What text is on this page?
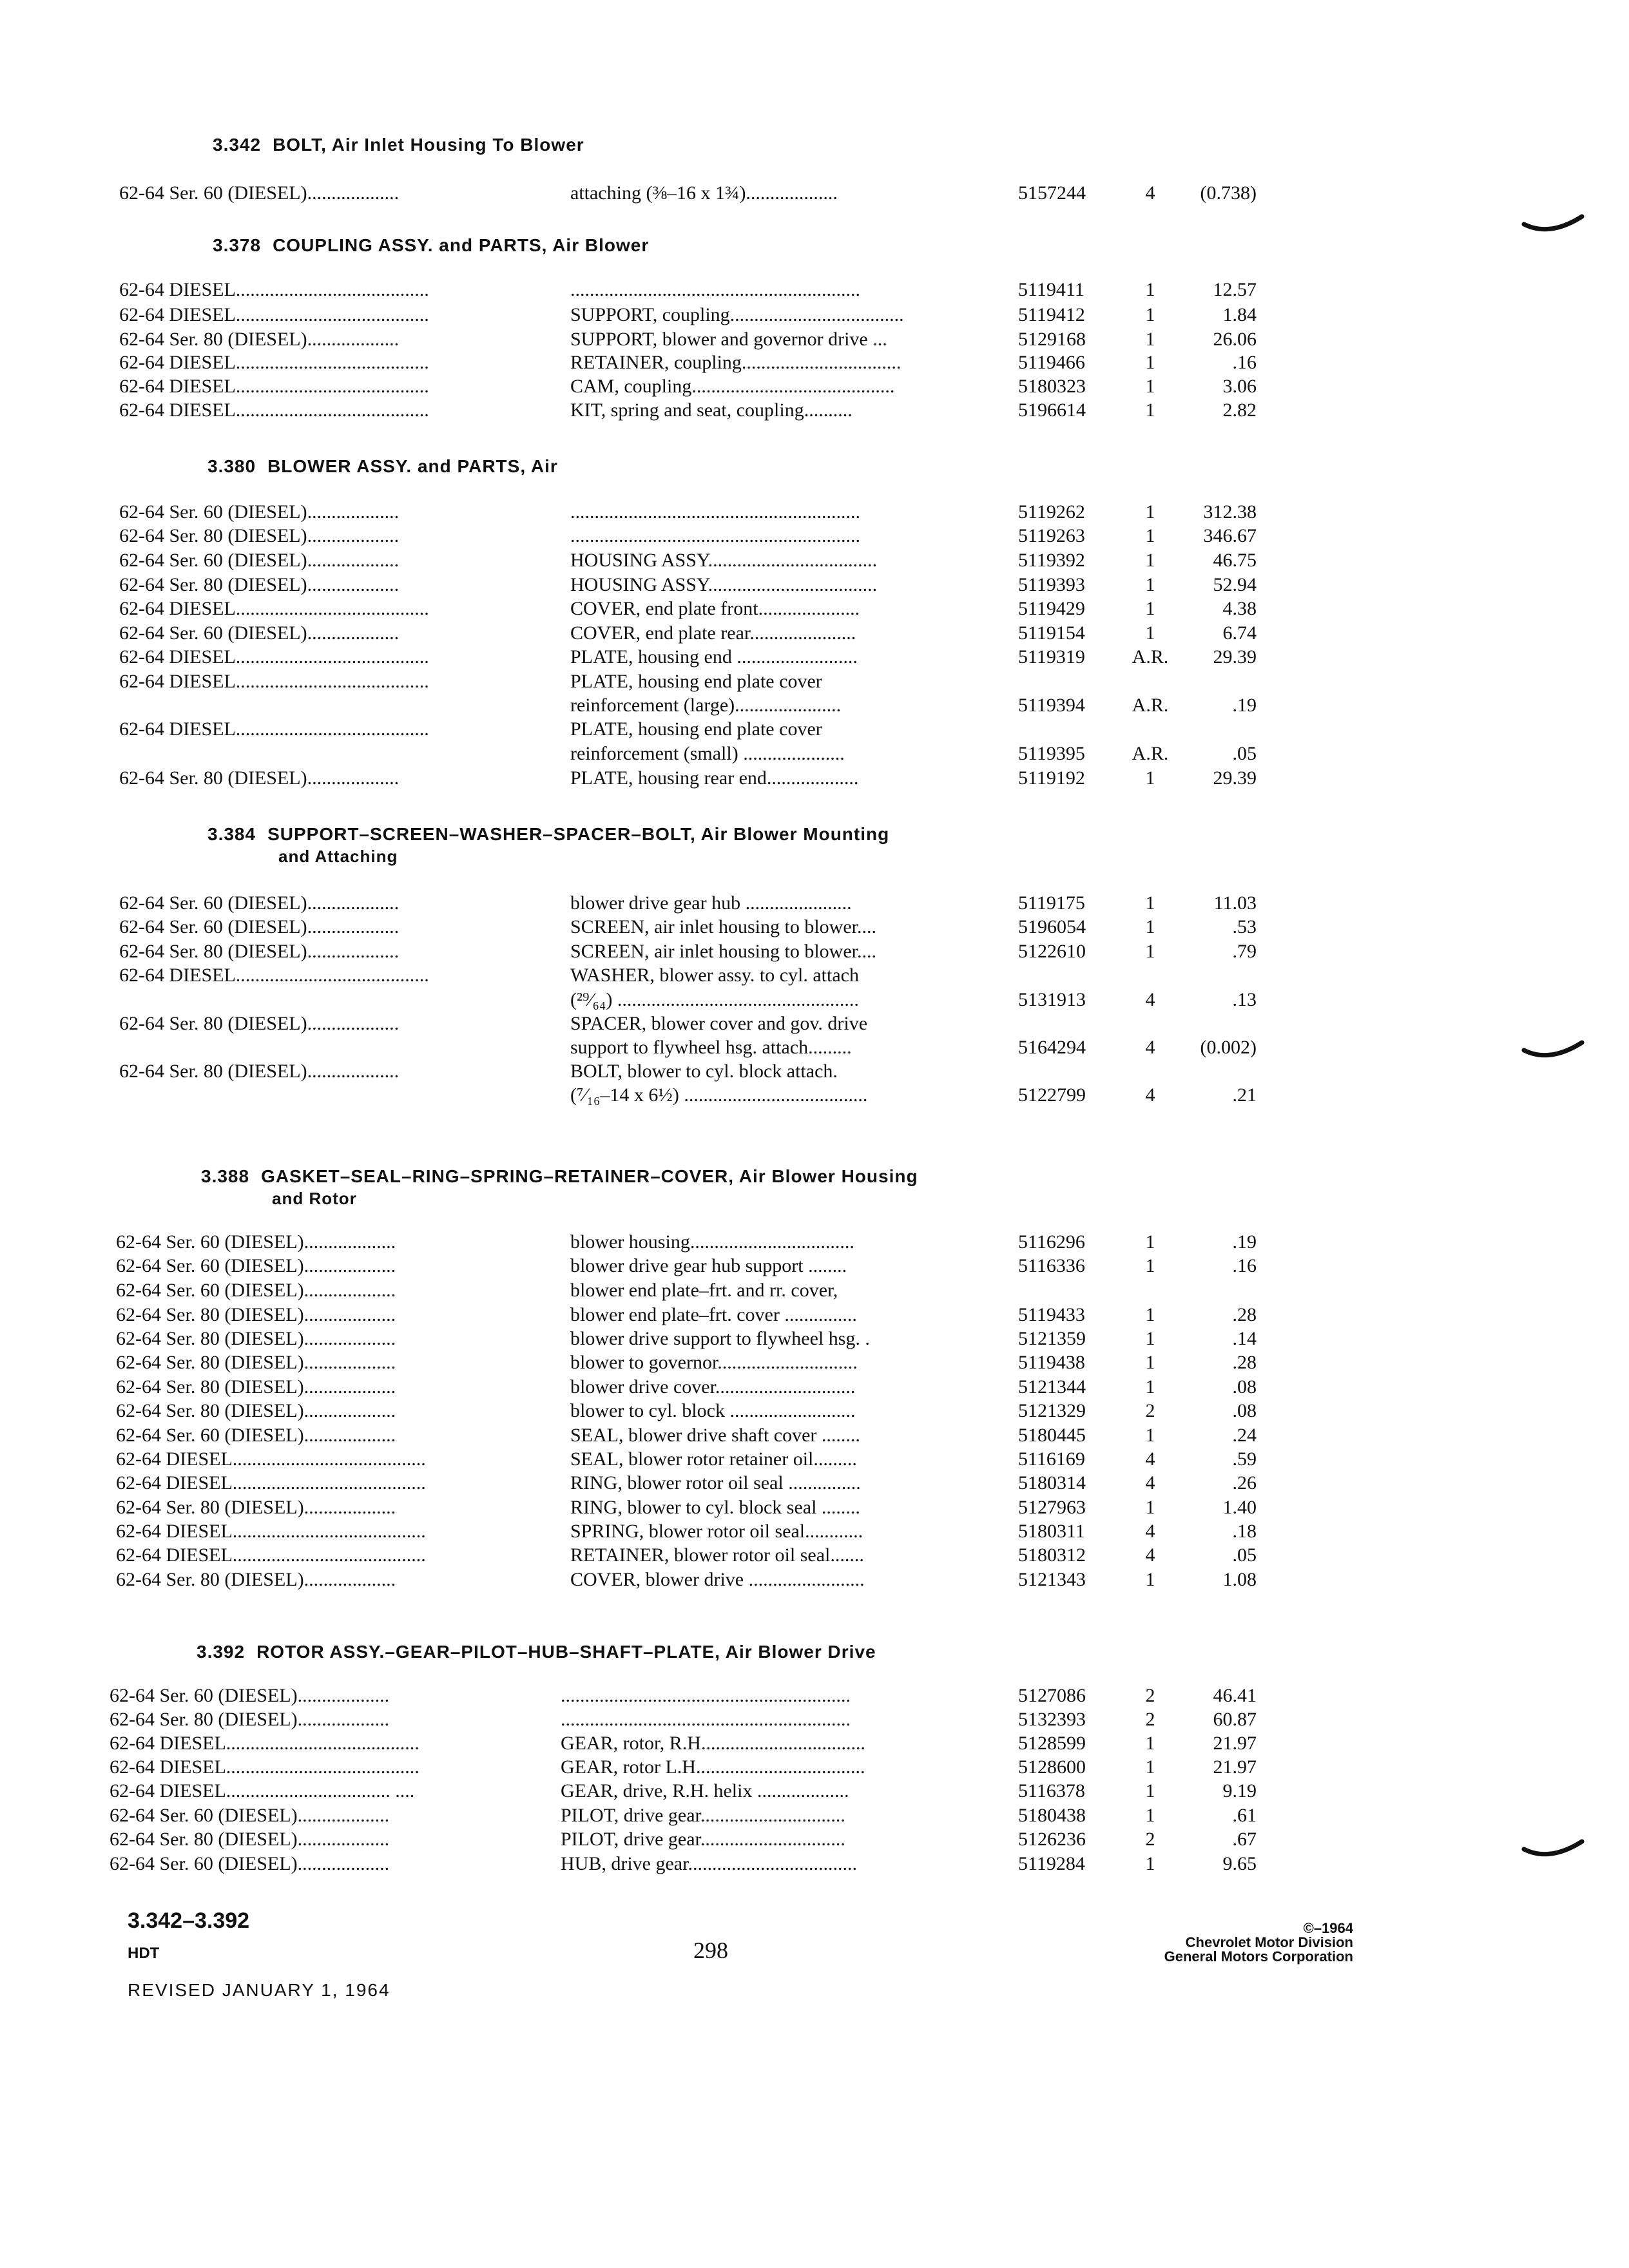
3.342 BOLT, Air Inlet Housing To Blower
62-64 Ser. 60 (DIESEL)...................	attaching (⅜–16 x 1¾)...................	5157244	4	(0.738)
3.378 COUPLING ASSY. and PARTS, Air Blower
62-64 DIESEL........................................	............................................................	5119411	1	12.57
62-64 DIESEL........................................	SUPPORT, coupling....................................	5119412	1	1.84
62-64 Ser. 80 (DIESEL)...................	SUPPORT, blower and governor drive ...	5129168	1	26.06
62-64 DIESEL........................................	RETAINER, coupling.................................	5119466	1	.16
62-64 DIESEL........................................	CAM, coupling..........................................	5180323	1	3.06
62-64 DIESEL........................................	KIT, spring and seat, coupling..........	5196614	1	2.82
3.380 BLOWER ASSY. and PARTS, Air
62-64 Ser. 60 (DIESEL)...................	............................................................	5119262	1	312.38
62-64 Ser. 80 (DIESEL)...................	............................................................	5119263	1	346.67
62-64 Ser. 60 (DIESEL)...................	HOUSING ASSY...................................	5119392	1	46.75
62-64 Ser. 80 (DIESEL)...................	HOUSING ASSY...................................	5119393	1	52.94
62-64 DIESEL........................................	COVER, end plate front.....................	5119429	1	4.38
62-64 Ser. 60 (DIESEL)...................	COVER, end plate rear......................	5119154	1	6.74
62-64 DIESEL........................................	PLATE, housing end .........................	5119319	A.R.	29.39
62-64 DIESEL........................................	PLATE, housing end plate cover
reinforcement (large)......................	5119394	A.R.	.19
62-64 DIESEL........................................	PLATE, housing end plate cover
reinforcement (small) .....................	5119395	A.R.	.05
62-64 Ser. 80 (DIESEL)...................	PLATE, housing rear end...................	5119192	1	29.39
3.384 SUPPORT–SCREEN–WASHER–SPACER–BOLT, Air Blower Mounting
and Attaching
62-64 Ser. 60 (DIESEL)...................	blower drive gear hub ......................	5119175	1	11.03
62-64 Ser. 60 (DIESEL)...................	SCREEN, air inlet housing to blower....	5196054	1	.53
62-64 Ser. 80 (DIESEL)...................	SCREEN, air inlet housing to blower....	5122610	1	.79
62-64 DIESEL........................................	WASHER, blower assy. to cyl. attach
(²⁹⁄₆₄) ..................................................	5131913	4	.13
62-64 Ser. 80 (DIESEL)...................	SPACER, blower cover and gov. drive
support to flywheel hsg. attach.........	5164294	4	(0.002)
62-64 Ser. 80 (DIESEL)...................	BOLT, blower to cyl. block attach.
(⁷⁄₁₆–14 x 6½) ......................................	5122799	4	.21
3.388 GASKET–SEAL–RING–SPRING–RETAINER–COVER, Air Blower Housing
and Rotor
62-64 Ser. 60 (DIESEL)...................	blower housing..................................	5116296	1	.19
62-64 Ser. 60 (DIESEL)...................	blower drive gear hub support ........	5116336	1	.16
62-64 Ser. 60 (DIESEL)...................	blower end plate–frt. and rr. cover,
62-64 Ser. 80 (DIESEL)...................	blower end plate–frt. cover ...............	5119433	1	.28
62-64 Ser. 80 (DIESEL)...................	blower drive support to flywheel hsg. .	5121359	1	.14
62-64 Ser. 80 (DIESEL)...................	blower to governor.............................	5119438	1	.28
62-64 Ser. 80 (DIESEL)...................	blower drive cover.............................	5121344	1	.08
62-64 Ser. 80 (DIESEL)...................	blower to cyl. block ..........................	5121329	2	.08
62-64 Ser. 60 (DIESEL)...................	SEAL, blower drive shaft cover ........	5180445	1	.24
62-64 DIESEL........................................	SEAL, blower rotor retainer oil.........	5116169	4	.59
62-64 DIESEL........................................	RING, blower rotor oil seal ...............	5180314	4	.26
62-64 Ser. 80 (DIESEL)...................	RING, blower to cyl. block seal ........	5127963	1	1.40
62-64 DIESEL........................................	SPRING, blower rotor oil seal............	5180311	4	.18
62-64 DIESEL........................................	RETAINER, blower rotor oil seal.......	5180312	4	.05
62-64 Ser. 80 (DIESEL)...................	COVER, blower drive ........................	5121343	1	1.08
3.392 ROTOR ASSY.–GEAR–PILOT–HUB–SHAFT–PLATE, Air Blower Drive
62-64 Ser. 60 (DIESEL)...................	............................................................	5127086	2	46.41
62-64 Ser. 80 (DIESEL)...................	............................................................	5132393	2	60.87
62-64 DIESEL........................................	GEAR, rotor, R.H..................................	5128599	1	21.97
62-64 DIESEL........................................	GEAR, rotor L.H...................................	5128600	1	21.97
62-64 DIESEL.................................. ....	GEAR, drive, R.H. helix ...................	5116378	1	9.19
62-64 Ser. 60 (DIESEL)...................	PILOT, drive gear..............................	5180438	1	.61
62-64 Ser. 80 (DIESEL)...................	PILOT, drive gear..............................	5126236	2	.67
62-64 Ser. 60 (DIESEL)...................	HUB, drive gear...................................	5119284	1	9.65
3.342–3.392
HDT	298
REVISED JANUARY 1, 1964
©–1964
Chevrolet Motor Division
General Motors Corporation
